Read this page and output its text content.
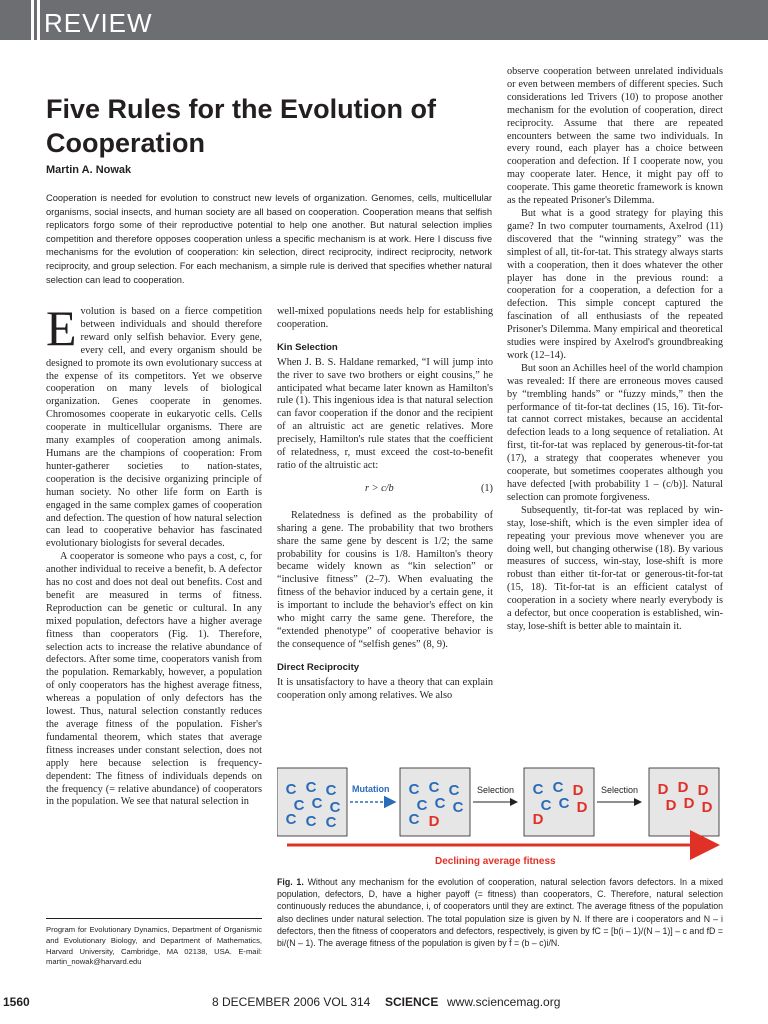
REVIEW
Five Rules for the Evolution of Cooperation
Martin A. Nowak

Cooperation is needed for evolution to construct new levels of organization. Genomes, cells, multicellular organisms, social insects, and human society are all based on cooperation. Cooperation means that selfish replicators forgo some of their reproductive potential to help one another. But natural selection implies competition and therefore opposes cooperation unless a specific mechanism is at work. Here I discuss five mechanisms for the evolution of cooperation: kin selection, direct reciprocity, indirect reciprocity, network reciprocity, and group selection. For each mechanism, a simple rule is derived that specifies whether natural selection can lead to cooperation.

Evolution is based on a fierce competition between individuals and should therefore reward only selfish behavior. Every gene, every cell, and every organism should be designed to promote its own evolutionary success at the expense of its competitors. Yet we observe cooperation on many levels of biological organization. Genes cooperate in genomes. Chromosomes cooperate in eukaryotic cells. Cells cooperate in multicellular organisms. There are many examples of cooperation among animals. Humans are the champions of cooperation: From hunter-gatherer societies to nation-states, cooperation is the decisive organizing principle of human society. No other life form on Earth is engaged in the same complex games of cooperation and defection. The question of how natural selection can lead to cooperative behavior has fascinated evolutionary biologists for several decades.

A cooperator is someone who pays a cost, c, for another individual to receive a benefit, b. A defector has no cost and does not deal out benefits. Cost and benefit are measured in terms of fitness. Reproduction can be genetic or cultural. In any mixed population, defectors have a higher average fitness than cooperators (Fig. 1). Therefore, selection acts to increase the relative abundance of defectors. After some time, cooperators vanish from the population. Remarkably, however, a population of only cooperators has the highest average fitness, whereas a population of only defectors has the lowest. Thus, natural selection constantly reduces the average fitness of the population. Fisher's fundamental theorem, which states that average fitness increases under constant selection, does not apply here because selection is frequency-dependent: The fitness of individuals depends on the frequency (= relative abundance) of cooperators in the population. We see that natural selection in

well-mixed populations needs help for establishing cooperation.

Kin Selection

When J. B. S. Haldane remarked, “I will jump into the river to save two brothers or eight cousins,” he anticipated what became later known as Hamilton's rule (1). This ingenious idea is that natural selection can favor cooperation if the donor and the recipient of an altruistic act are genetic relatives. More precisely, Hamilton's rule states that the coefficient of relatedness, r, must exceed the cost-to-benefit ratio of the altruistic act:

r > c/b	(1)

Relatedness is defined as the probability of sharing a gene. The probability that two brothers share the same gene by descent is 1/2; the same probability for cousins is 1/8. Hamilton's theory became widely known as “kin selection” or “inclusive fitness” (2–7). When evaluating the fitness of the behavior induced by a certain gene, it is important to include the behavior's effect on kin who might carry the same gene. Therefore, the “extended phenotype” of cooperative behavior is the consequence of “selfish genes” (8, 9).

Direct Reciprocity

It is unsatisfactory to have a theory that can explain cooperation only among relatives. We also

observe cooperation between unrelated individuals or even between members of different species. Such considerations led Trivers (10) to propose another mechanism for the evolution of cooperation, direct reciprocity. Assume that there are repeated encounters between the same two individuals. In every round, each player has a choice between cooperation and defection. If I cooperate now, you may cooperate later. Hence, it might pay off to cooperate. This game theoretic framework is known as the repeated Prisoner's Dilemma.

But what is a good strategy for playing this game? In two computer tournaments, Axelrod (11) discovered that the “winning strategy” was the simplest of all, tit-for-tat. This strategy always starts with a cooperation, then it does whatever the other player has done in the previous round: a cooperation for a cooperation, a defection for a defection. This simple concept captured the fascination of all enthusiasts of the repeated Prisoner's Dilemma. Many empirical and theoretical studies were inspired by Axelrod's groundbreaking work (12–14).

But soon an Achilles heel of the world champion was revealed: If there are erroneous moves caused by “trembling hands” or “fuzzy minds,” then the performance of tit-for-tat declines (15, 16). Tit-for-tat cannot correct mistakes, because an accidental defection leads to a long sequence of retaliation. At first, tit-for-tat was replaced by generous-tit-for-tat (17), a strategy that cooperates whenever you cooperate, but sometimes cooperates although you have defected [with probability 1 – (c/b)]. Natural selection can promote forgiveness.

Subsequently, tit-for-tat was replaced by win-stay, lose-shift, which is the even simpler idea of repeating your previous move whenever you are doing well, but changing otherwise (18). By various measures of success, win-stay, lose-shift is more robust than either tit-for-tat or generous-tit-for-tat (15, 18). Tit-for-tat is an efficient catalyst of cooperation in a society where nearly everybody is a defector, but once cooperation is established, win-stay, lose-shift is better able to maintain it.

Program for Evolutionary Dynamics, Department of Organismic and Evolutionary Biology, and Department of Mathematics, Harvard University, Cambridge, MA 02138, USA. E-mail: martin_nowak@harvard.edu
C C C
C C C
C C C
C C C
C C C
C D
C C D
C C D
D
D D D
D D D
Mutation	Selection	Selection
Declining average fitness

Fig. 1. Without any mechanism for the evolution of cooperation, natural selection favors defectors. In a mixed population, defectors, D, have a higher payoff (= fitness) than cooperators, C. Therefore, natural selection continuously reduces the abundance, i, of cooperators until they are extinct. The average fitness of the population also declines under natural selection. The total population size is given by N. If there are i cooperators and N – i defectors, then the fitness of cooperators and defectors, respectively, is given by fC = [b(i – 1)/(N – 1)] – c and fD = bi/(N – 1). The average fitness of the population is given by f̄ = (b – c)i/N.

1560	8 DECEMBER 2006 VOL 314 SCIENCE www.sciencemag.org
